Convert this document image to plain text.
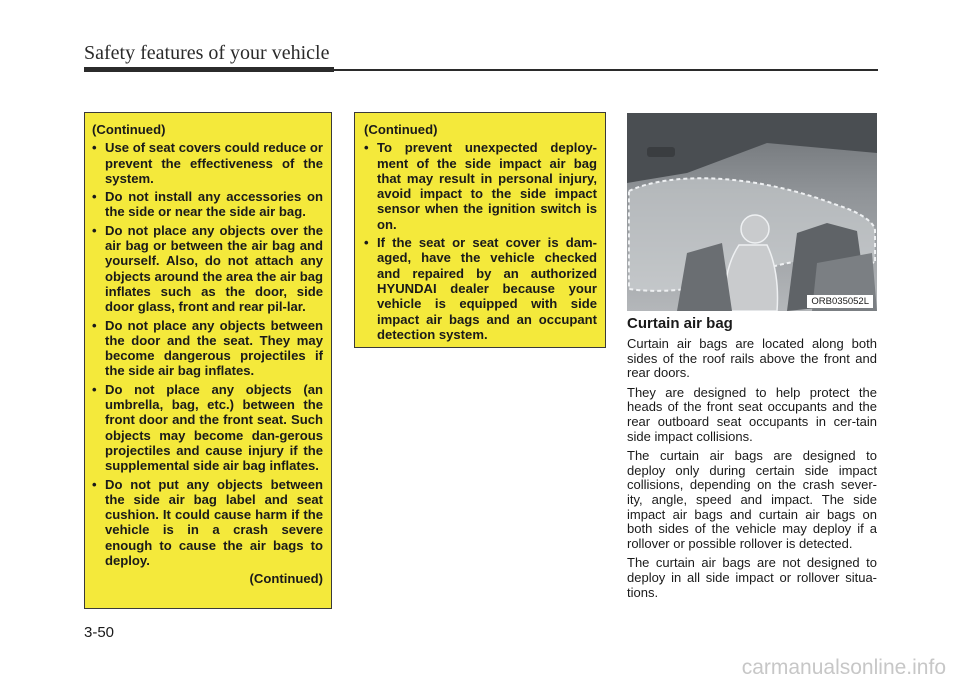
Safety features of your vehicle

(Continued)

• Use of seat covers could reduce or prevent the effectiveness of the system.
• Do not install any accessories on the side or near the side air bag.
• Do not place any objects over the air bag or between the air bag and yourself. Also, do not attach any objects around the area the air bag inflates such as the door, side door glass, front and rear pil-lar.
• Do not place any objects between the door and the seat. They may become dangerous projectiles if the side air bag inflates.
• Do not place any objects (an umbrella, bag, etc.) between the front door and the front seat. Such objects may become dan-gerous projectiles and cause injury if the supplemental side air bag inflates.
• Do not put any objects between the side air bag label and seat cushion. It could cause harm if the vehicle is in a crash severe enough to cause the air bags to deploy.

(Continued)

(Continued)

• To prevent unexpected deploy-ment of the side impact air bag that may result in personal injury, avoid impact to the side impact sensor when the ignition switch is on.
• If the seat or seat cover is dam-aged, have the vehicle checked and repaired by an authorized HYUNDAI dealer because your vehicle is equipped with side impact air bags and an occupant detection system.
ORB035052L
Curtain air bag

Curtain air bags are located along both sides of the roof rails above the front and rear doors.

They are designed to help protect the heads of the front seat occupants and the rear outboard seat occupants in cer-tain side impact collisions.

The curtain air bags are designed to deploy only during certain side impact collisions, depending on the crash sever-ity, angle, speed and impact. The side impact air bags and curtain air bags on both sides of the vehicle may deploy if a rollover or possible rollover is detected.

The curtain air bags are not designed to deploy in all side impact or rollover situa-tions.

3-50
carmanualsonline.info
